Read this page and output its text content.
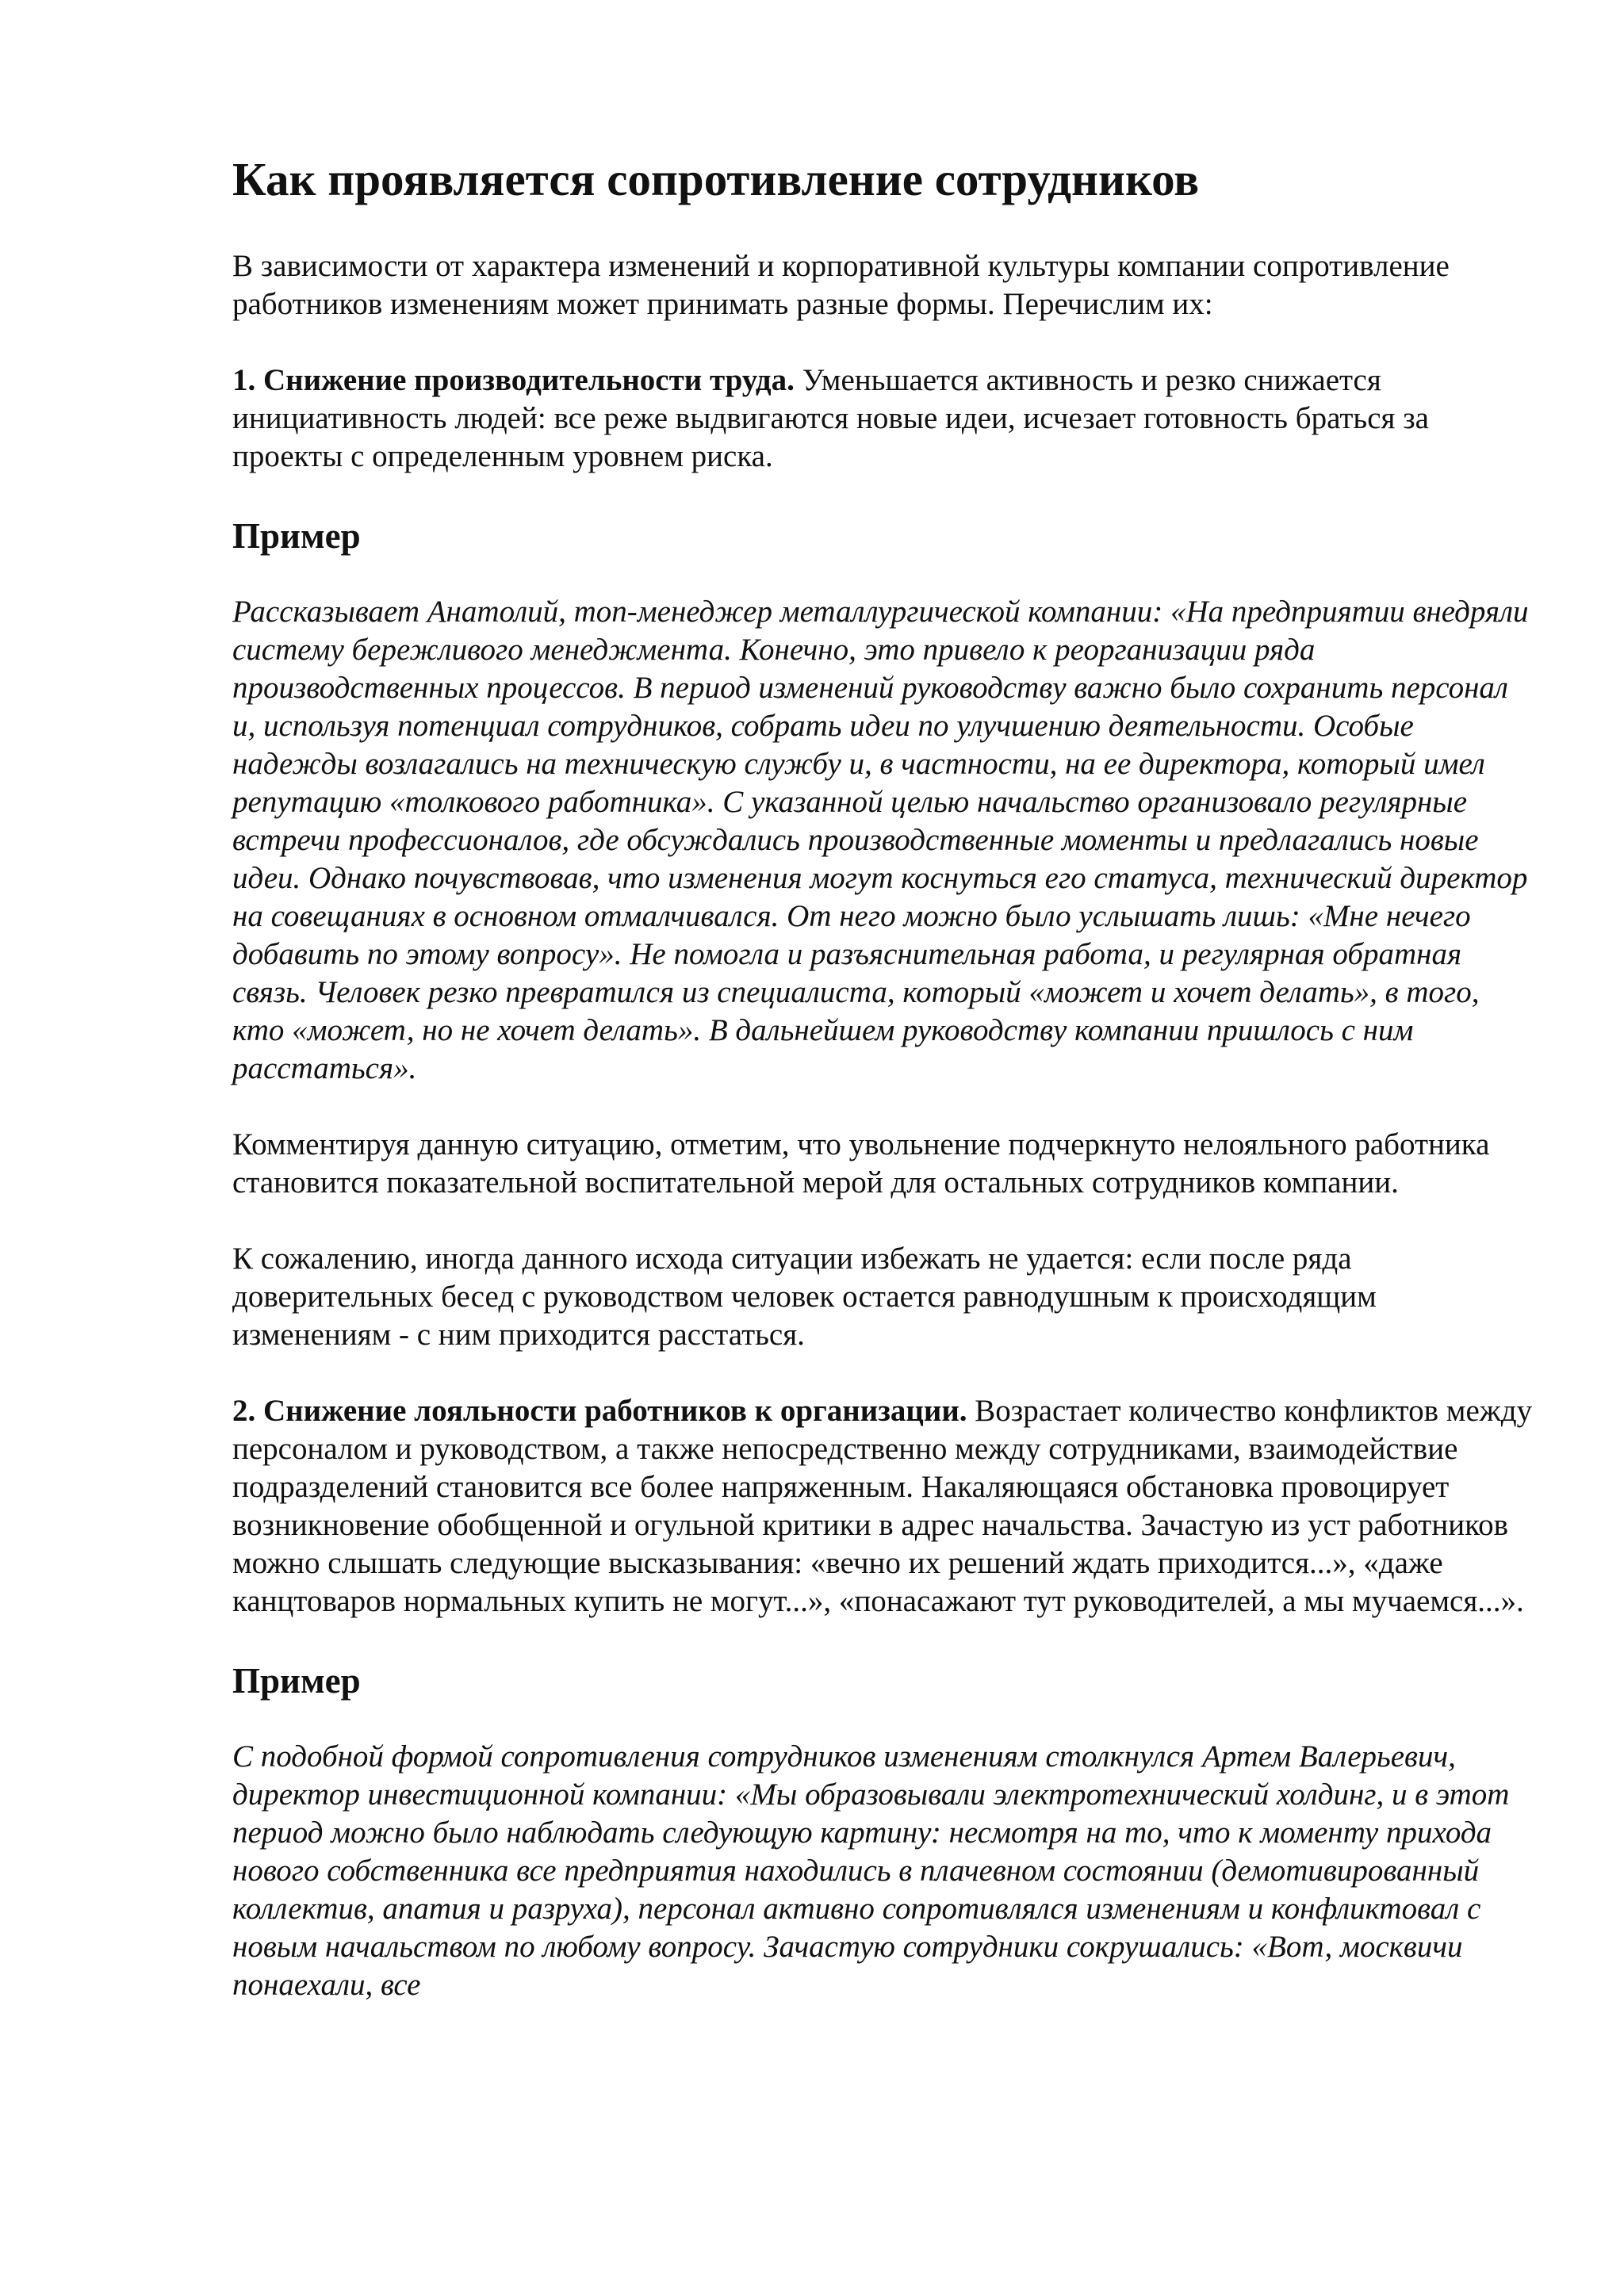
Как проявляется сопротивление сотрудников

В зависимости от характера изменений и корпоративной культуры компании сопротивление работников изменениям может принимать разные формы. Перечислим их:

1. Снижение производительности труда. Уменьшается активность и резко снижается инициативность людей: все реже выдвигаются новые идеи, исчезает готовность браться за проекты с определенным уровнем риска.

Пример

Рассказывает Анатолий, топ-менеджер металлургической компании: «На предприятии внедряли систему бережливого менеджмента. Конечно, это привело к реорганизации ряда производственных процессов. В период изменений руководству важно было сохранить персонал и, используя потенциал сотрудников, собрать идеи по улучшению деятельности. Особые надежды возлагались на техническую службу и, в частности, на ее директора, который имел репутацию «толкового работника». С указанной целью начальство организовало регулярные встречи профессионалов, где обсуждались производственные моменты и предлагались новые идеи. Однако почувствовав, что изменения могут коснуться его статуса, технический директор на совещаниях в основном отмалчивался. От него можно было услышать лишь: «Мне нечего добавить по этому вопросу». Не помогла и разъяснительная работа, и регулярная обратная связь. Человек резко превратился из специалиста, который «может и хочет делать», в того, кто «может, но не хочет делать». В дальнейшем руководству компании пришлось с ним расстаться».

Комментируя данную ситуацию, отметим, что увольнение подчеркнуто нелояльного работника становится показательной воспитательной мерой для остальных сотрудников компании.

К сожалению, иногда данного исхода ситуации избежать не удается: если после ряда доверительных бесед с руководством человек остается равнодушным к происходящим изменениям - с ним приходится расстаться.

2. Снижение лояльности работников к организации. Возрастает количество конфликтов между персоналом и руководством, а также непосредственно между сотрудниками, взаимодействие подразделений становится все более напряженным. Накаляющаяся обстановка провоцирует возникновение обобщенной и огульной критики в адрес начальства. Зачастую из уст работников можно слышать следующие высказывания: «вечно их решений ждать приходится...», «даже канцтоваров нормальных купить не могут...», «понасажают тут руководителей, а мы мучаемся...».

Пример

С подобной формой сопротивления сотрудников изменениям столкнулся Артем Валерьевич, директор инвестиционной компании: «Мы образовывали электротехнический холдинг, и в этот период можно было наблюдать следующую картину: несмотря на то, что к моменту прихода нового собственника все предприятия находились в плачевном состоянии (демотивированный коллектив, апатия и разруха), персонал активно сопротивлялся изменениям и конфликтовал с новым начальством по любому вопросу. Зачастую сотрудники сокрушались: «Вот, москвичи понаехали, все
